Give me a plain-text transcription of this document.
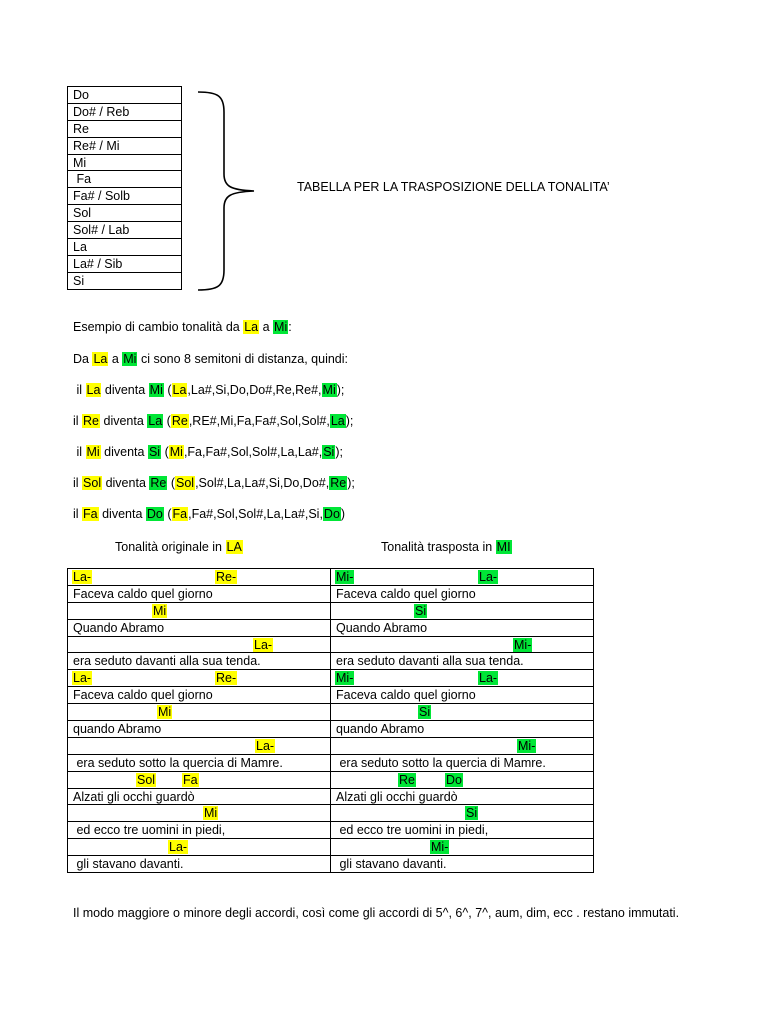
Do
Do# / Reb
Re
Re# / Mi
Mi
Fa
Fa# / Solb
Sol
Sol# / Lab
La
La# / Sib
Si
TABELLA PER LA TRASPOSIZIONE DELLA TONALITA’
Esempio di cambio tonalità da La a Mi:
Da La a Mi ci sono 8 semitoni di distanza, quindi:
il La diventa Mi (La,La#,Si,Do,Do#,Re,Re#,Mi);
il Re diventa La (Re,RE#,Mi,Fa,Fa#,Sol,Sol#,La);
il Mi diventa Si (Mi,Fa,Fa#,Sol,Sol#,La,La#,Si);
il Sol diventa Re (Sol,Sol#,La,La#,Si,Do,Do#,Re);
il Fa diventa Do (Fa,Fa#,Sol,Sol#,La,La#,Si,Do)
Tonalità originale in LA	Tonalità trasposta in MI
La- Re-	Mi- La-

Faceva caldo quel giorno	Faceva caldo quel giorno

Mi	Si

Quando Abramo	Quando Abramo

La-	Mi-

era seduto davanti alla sua tenda.	era seduto davanti alla sua tenda.

La- Re-	Mi- La-

Faceva caldo quel giorno	Faceva caldo quel giorno

Mi	Si

quando Abramo	quando Abramo

La-	Mi-

era seduto sotto la quercia di Mamre.	era seduto sotto la quercia di Mamre.

Sol Fa	Re Do

Alzati gli occhi guardò	Alzati gli occhi guardò

Mi	Si

ed ecco tre uomini in piedi,	ed ecco tre uomini in piedi,

La-	Mi-

gli stavano davanti.	gli stavano davanti.
Il modo maggiore o minore degli accordi, così come gli accordi di 5^, 6^, 7^, aum, dim, ecc . restano immutati.
